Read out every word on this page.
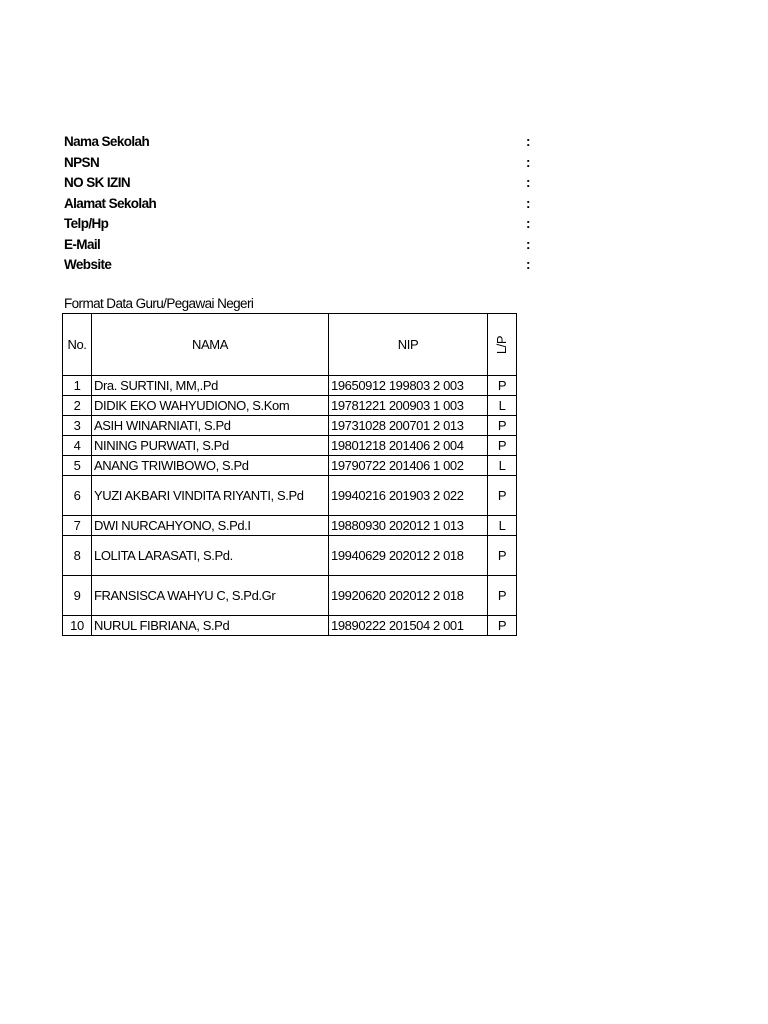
Nama Sekolah	:
NPSN	:
NO SK IZIN	:
Alamat Sekolah	:
Telp/Hp	:
E-Mail	:
Website	:
Format Data Guru/Pegawai Negeri
No.	NAMA	NIP	L/P
1	Dra. SURTINI, MM,.Pd	19650912 199803 2 003	P
2	DIDIK EKO WAHYUDIONO, S.Kom	19781221 200903 1 003	L
3	ASIH WINARNIATI, S.Pd	19731028 200701 2 013	P
4	NINING PURWATI, S.Pd	19801218 201406 2 004	P
5	ANANG TRIWIBOWO, S.Pd	19790722 201406 1 002	L
6	YUZI AKBARI VINDITA RIYANTI, S.Pd	19940216 201903 2 022	P
7	DWI NURCAHYONO, S.Pd.I	19880930 202012 1 013	L
8	LOLITA LARASATI, S.Pd.	19940629 202012 2 018	P
9	FRANSISCA WAHYU C, S.Pd.Gr	19920620 202012 2 018	P
10	NURUL FIBRIANA, S.Pd	19890222 201504 2 001	P
